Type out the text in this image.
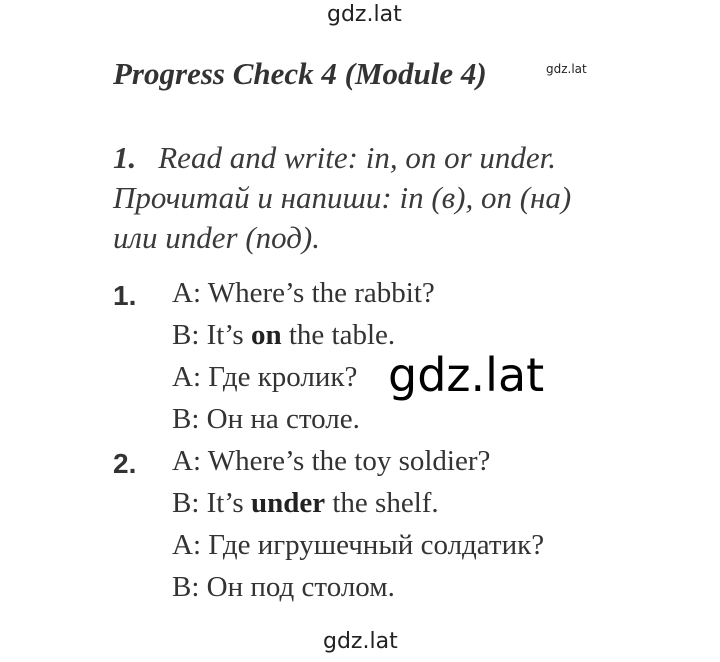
gdz.lat
Progress Check 4 (Module 4)	gdz.lat
1. Read and write: in, on or under.
Прочитай и напиши: in (в), on (на)
или under (под).
1. A: Where’s the rabbit?
B: It’s on the table.
A: Где кролик?
B: Он на столе.
2. A: Where’s the toy soldier?
B: It’s under the shelf.
A: Где игрушечный солдатик?
B: Он под столом.
gdz.lat
gdz.lat
